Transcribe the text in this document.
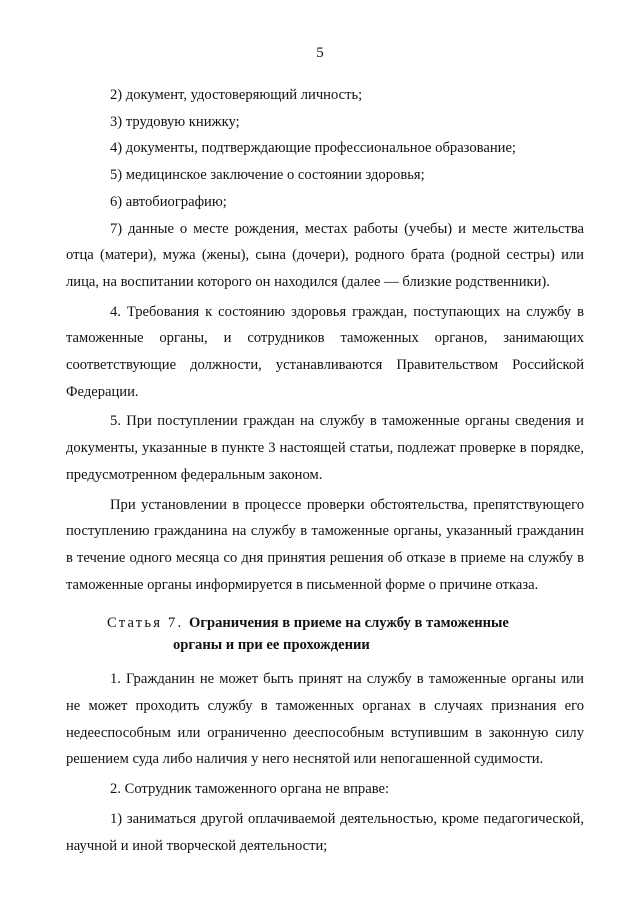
5

2) документ, удостоверяющий личность;

3) трудовую книжку;

4) документы, подтверждающие профессиональное образование;

5) медицинское заключение о состоянии здоровья;

6) автобиографию;

7) данные о месте рождения, местах работы (учебы) и месте жительства отца (матери), мужа (жены), сына (дочери), родного брата (родной сестры) или лица, на воспитании которого он находился (далее — близкие родственники).

4. Требования к состоянию здоровья граждан, поступающих на службу в таможенные органы, и сотрудников таможенных органов, занимающих соответствующие должности, устанавливаются Правительством Российской Федерации.

5. При поступлении граждан на службу в таможенные органы сведения и документы, указанные в пункте 3 настоящей статьи, подлежат проверке в порядке, предусмотренном федеральным законом.

При установлении в процессе проверки обстоятельства, препятствующего поступлению гражданина на службу в таможенные органы, указанный гражданин в течение одного месяца со дня принятия решения об отказе в приеме на службу в таможенные органы информируется в письменной форме о причине отказа.

Статья 7. Ограничения в приеме на службу в таможенные
органы и при ее прохождении

1. Гражданин не может быть принят на службу в таможенные органы или не может проходить службу в таможенных органах в случаях признания его недееспособным или ограниченно дееспособным вступившим в законную силу решением суда либо наличия у него неснятой или непогашенной судимости.

2. Сотрудник таможенного органа не вправе:

1) заниматься другой оплачиваемой деятельностью, кроме педагогической, научной и иной творческой деятельности;
